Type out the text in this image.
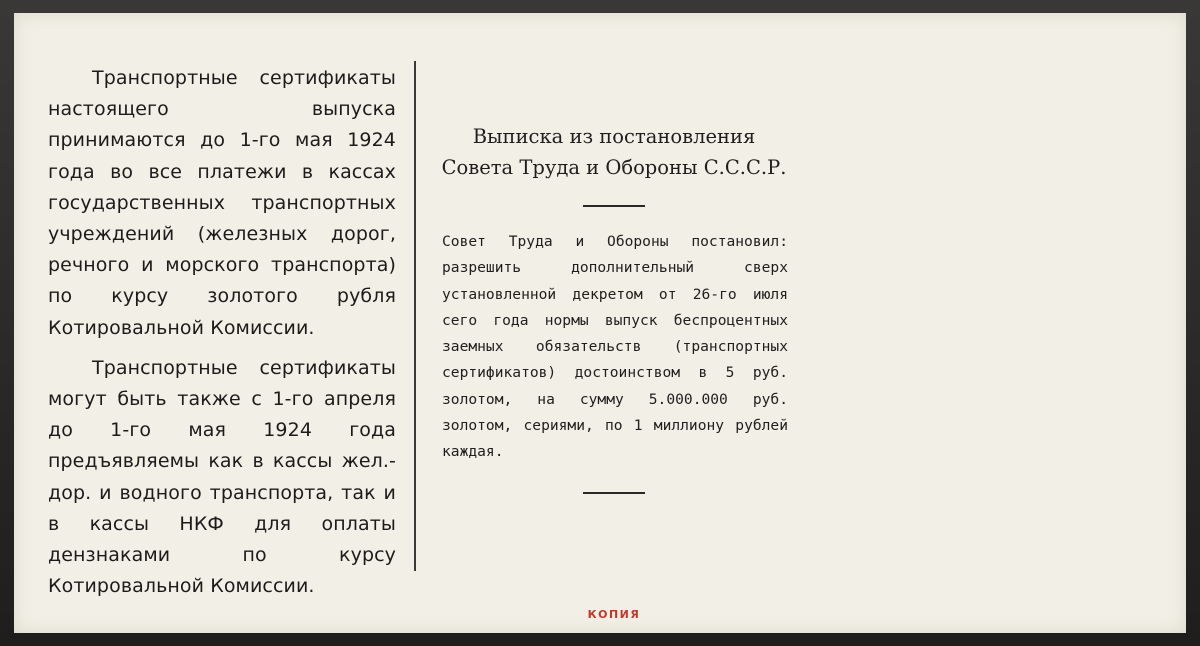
Транспортные сертификаты настоящего выпуска принимаются до 1-го мая 1924 года во все платежи в кассах государственных транспортных учреждений (железных дорог, речного и морского транспорта) по курсу золотого рубля Котировальной Комиссии.

Транспортные сертификаты могут быть также с 1-го апреля до 1-го мая 1924 года предъявляемы как в кассы жел.-дор. и водного транспорта, так и в кассы НКФ для оплаты дензнаками по курсу Котировальной Комиссии.

Выписка из постановления
Совета Труда и Обороны С.С.С.Р.

Совет Труда и Обороны постановил: разрешить дополнительный сверх установленной декретом от 26-го июля сего года нормы выпуск беспроцентных заемных обязательств (транспортных сертификатов) достоинством в 5 руб. золотом, на сумму 5.000.000 руб. золотом, сериями, по 1 миллиону рублей каждая.

КОПИЯ
